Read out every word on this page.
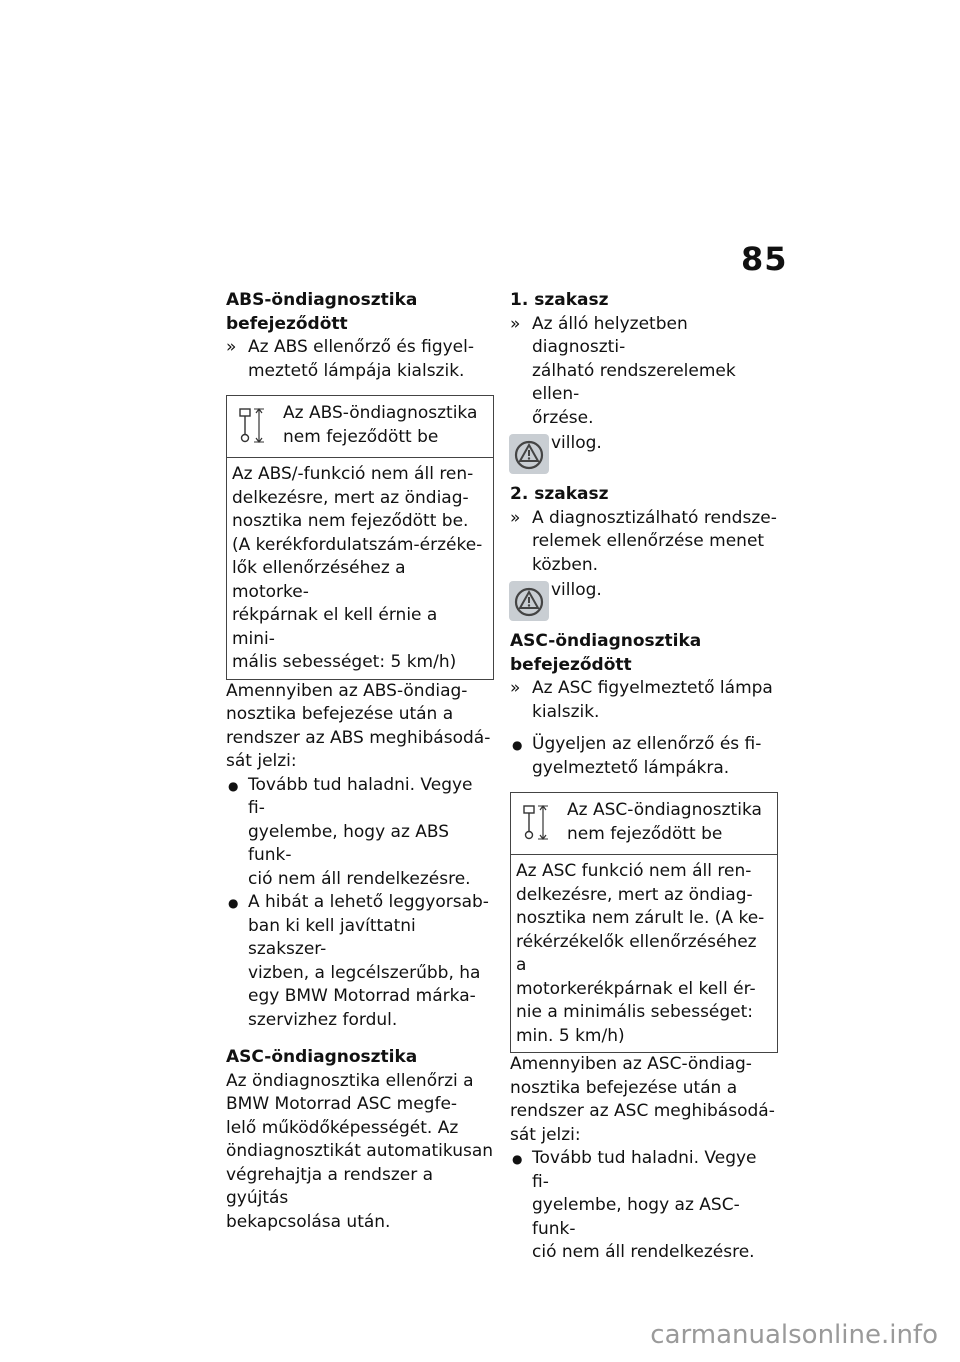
85
ABS-öndiagnosztika
befejeződött
» Az ABS ellenőrző és figyel-
meztető lámpája kialszik.
Az ABS-öndiagnosztika
nem fejeződött be
Az ABS/-funkció nem áll ren-
delkezésre, mert az öndiag-
nosztika nem fejeződött be.
(A kerékfordulatszám-érzéke-
lők ellenőrzéséhez a motorke-
rékpárnak el kell érnie a mini-
mális sebességet: 5 km/h)
Amennyiben az ABS-öndiag-
nosztika befejezése után a
rendszer az ABS meghibásodá-
sát jelzi:
● Tovább tud haladni. Vegye fi-
gyelembe, hogy az ABS funk-
ció nem áll rendelkezésre.
● A hibát a lehető leggyorsab-
ban ki kell javíttatni szakszer-
vizben, a legcélszerűbb, ha
egy BMW Motorrad márka-
szervizhez fordul.
ASC-öndiagnosztika
Az öndiagnosztika ellenőrzi a
BMW Motorrad ASC megfe-
lelő működőképességét. Az
öndiagnosztikát automatikusan
végrehajtja a rendszer a gyújtás
bekapcsolása után.
1. szakasz
» Az álló helyzetben diagnoszti-
zálható rendszerelemek ellen-
őrzése.
villog.
2. szakasz
» A diagnosztizálható rendsze-
relemek ellenőrzése menet
közben.
villog.
ASC-öndiagnosztika
befejeződött
» Az ASC figyelmeztető lámpa
kialszik.
● Ügyeljen az ellenőrző és fi-
gyelmeztető lámpákra.
Az ASC-öndiagnosztika
nem fejeződött be
Az ASC funkció nem áll ren-
delkezésre, mert az öndiag-
nosztika nem zárult le. (A ke-
rékérzékelők ellenőrzéséhez a
motorkerékpárnak el kell ér-
nie a minimális sebességet:
min. 5 km/h)
Amennyiben az ASC-öndiag-
nosztika befejezése után a
rendszer az ASC meghibásodá-
sát jelzi:
● Tovább tud haladni. Vegye fi-
gyelembe, hogy az ASC-funk-
ció nem áll rendelkezésre.
carmanualsonline.info
